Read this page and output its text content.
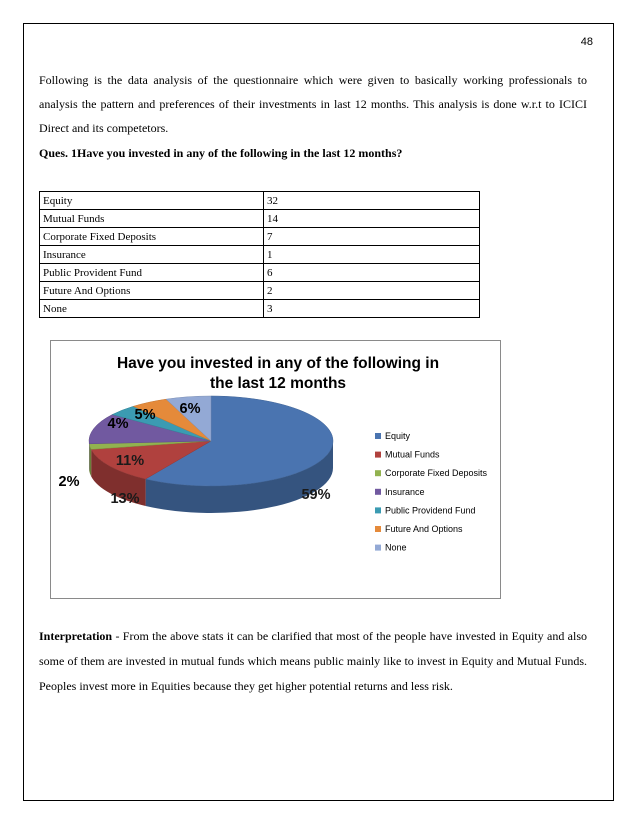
48

Following is the data analysis of the questionnaire which were given to basically working professionals to analysis the pattern and preferences of their investments in last 12 months. This analysis is done w.r.t to ICICI Direct and its competetors.

Ques. 1Have you invested in any of the following in the last 12 months?
Equity	32
Mutual Funds	14
Corporate Fixed Deposits	7
Insurance	1
Public Provident Fund	6
Future And Options	2
None	3
Have you invested in any of the following in
the last 12 months
59%
13%
2%
11%
4%
5% 6%
Equity
Mutual Funds
Corporate Fixed Deposits
Insurance
Public Providend Fund
Future And Options
None

Interpretation - From the above stats it can be clarified that most of the people have invested in Equity and also some of them are invested in mutual funds which means public mainly like to invest in Equity and Mutual Funds. Peoples invest more in Equities because they get higher potential returns and less risk.
